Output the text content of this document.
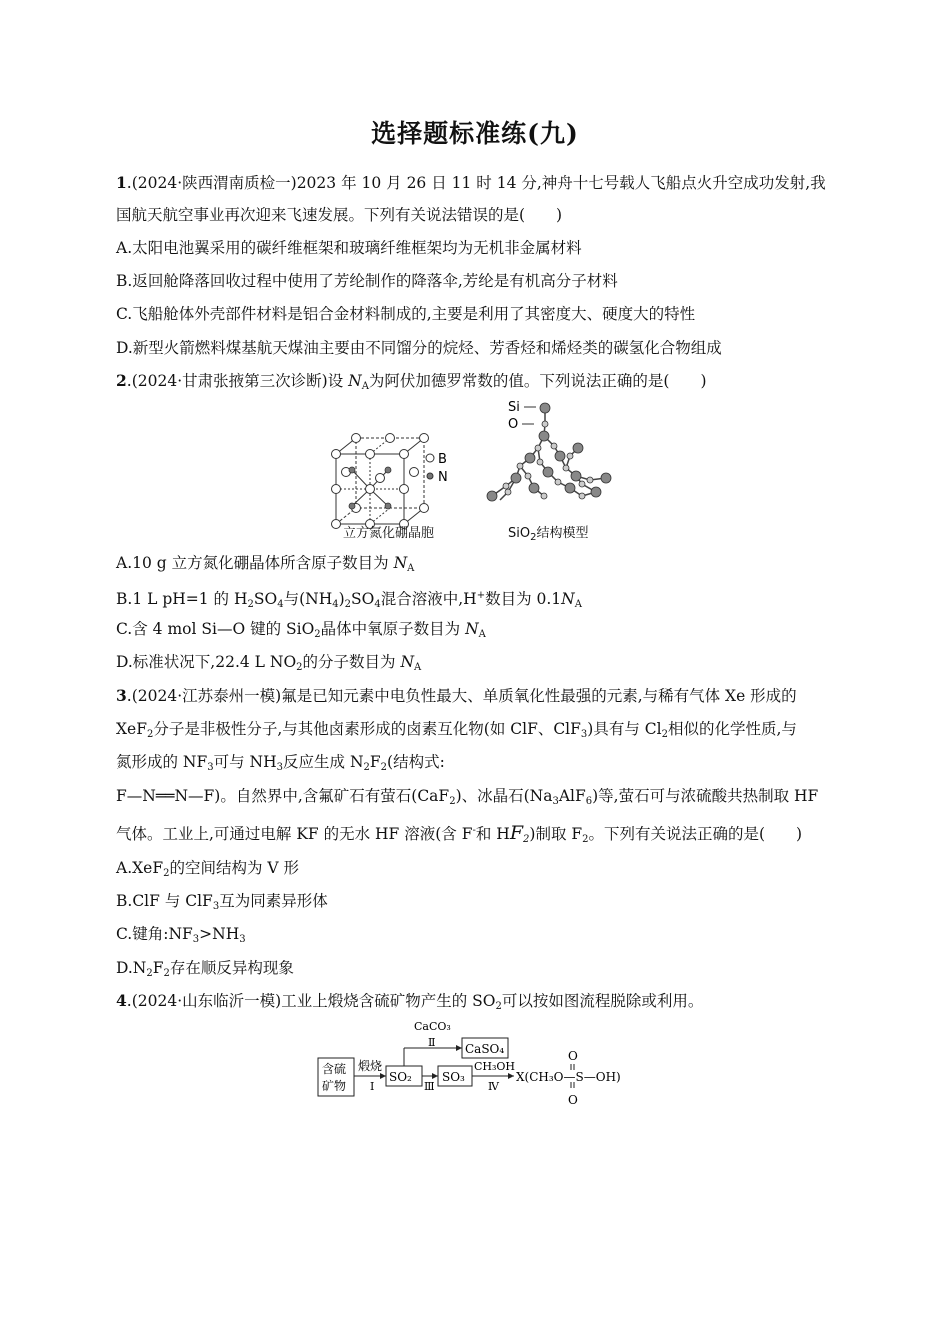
选择题标准练(九)
1.(2024·陕西渭南质检一)2023 年 10 月 26 日 11 时 14 分,神舟十七号载人飞船点火升空成功发射,我
国航天航空事业再次迎来飞速发展。下列有关说法错误的是(　　)
A.太阳电池翼采用的碳纤维框架和玻璃纤维框架均为无机非金属材料
B.返回舱降落回收过程中使用了芳纶制作的降落伞,芳纶是有机高分子材料
C.飞船舱体外壳部件材料是铝合金材料制成的,主要是利用了其密度大、硬度大的特性
D.新型火箭燃料煤基航天煤油主要由不同馏分的烷烃、芳香烃和烯烃类的碳氢化合物组成
2.(2024·甘肃张掖第三次诊断)设 $N_A$为阿伏加德罗常数的值。下列说法正确的是(　　)
B
N
立方氮化硼晶胞
Si
O
SiO$_2$结构模型
A.10 g 立方氮化硼晶体所含原子数目为 $N_A$
B.1 L pH=1 的 $H_2SO_4$与$(NH_4)_2SO_4$混合溶液中,H+数目为 $0.1N_A$
C.含 4 mol Si—O 键的 SiO$_2$晶体中氧原子数目为 $N_A$
D.标准状况下,22.4 L $NO_2$的分子数目为 $N_A$
3.(2024·江苏泰州一模)氟是已知元素中电负性最大、单质氧化性最强的元素,与稀有气体 Xe 形成的
XeF$_2$分子是非极性分子,与其他卤素形成的卤素互化物(如 ClF、ClF$_3$)具有与 $Cl_2$相似的化学性质,与
氮形成的 $NF_3$可与 $NH_3$反应生成 $N_2F_2$(结构式:
F—N══N—F)。自然界中,含氟矿石有萤石(CaF$_2$)、冰晶石$(Na_3AlF_6)$等,萤石可与浓硫酸共热制取 HF
气体。工业上,可通过电解 KF 的无水 HF 溶液(含 F-和 $HF_2$)制取 $F_2$。下列有关说法正确的是(　　)
A.XeF$_2$的空间结构为 V 形
B.ClF 与 ClF$_3$互为同素异形体
C.键角$:NF_3>NH_3$
$D.N_2F_2$存在顺反异构现象
4.(2024·山东临沂一模)工业上煅烧含硫矿物产生的 $SO_2$可以按如图流程脱除或利用。
含硫
矿物
煅烧
Ⅰ
SO₂
CaCO₃
Ⅱ CaSO₄
Ⅲ
SO₃
CH₃OH
Ⅳ
X(CH₃O—S—OH)
O
O
